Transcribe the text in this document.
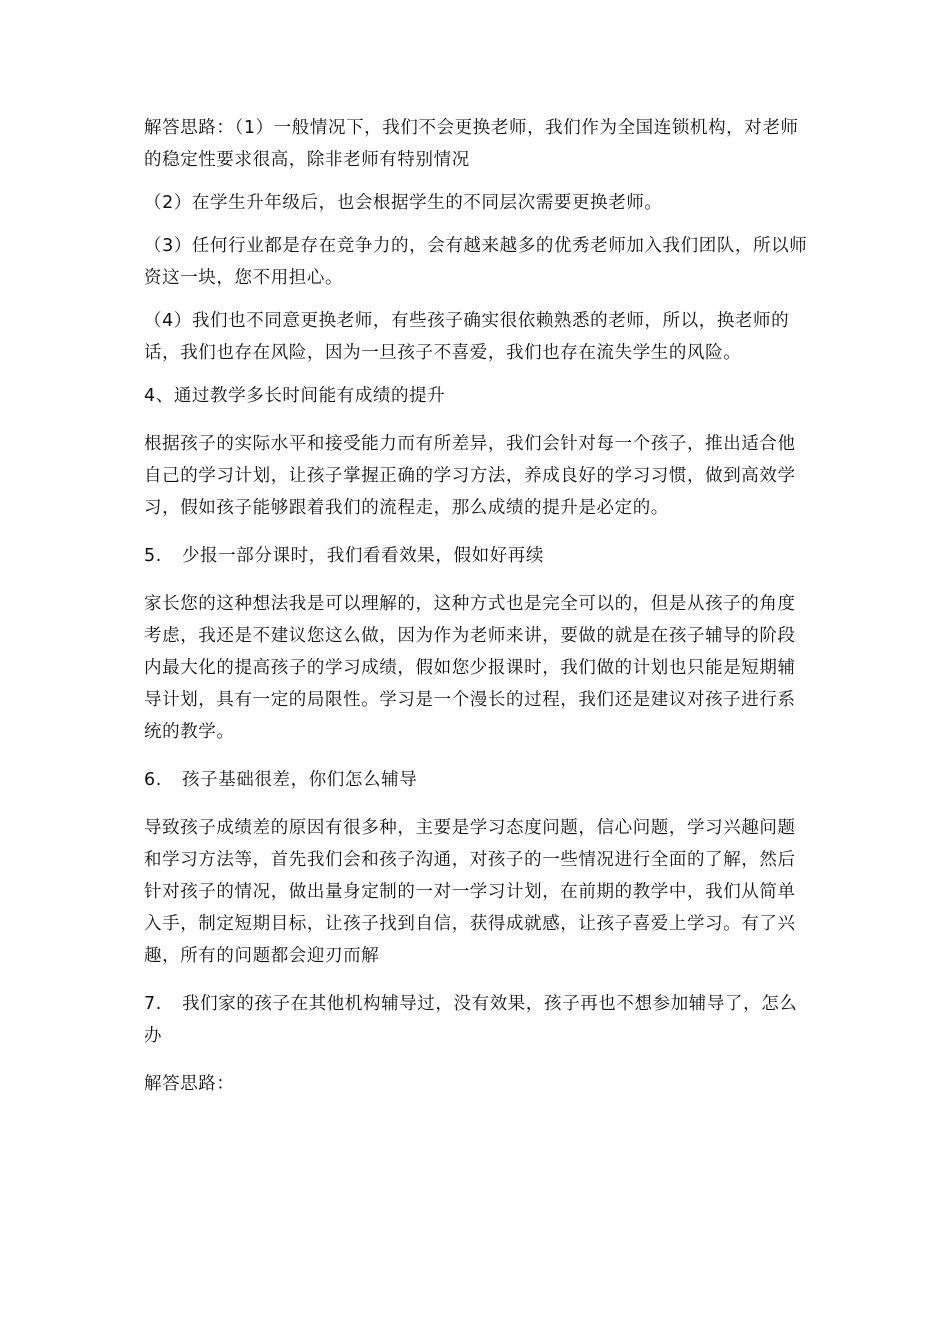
解答思路：（1）一般情况下，我们不会更换老师，我们作为全国连锁机构，对老师的稳定性要求很高，除非老师有特别情况

（2）在学生升年级后，也会根据学生的不同层次需要更换老师。

（3）任何行业都是存在竞争力的，会有越来越多的优秀老师加入我们团队，所以师资这一块，您不用担心。

（4）我们也不同意更换老师，有些孩子确实很依赖熟悉的老师，所以，换老师的话，我们也存在风险，因为一旦孩子不喜爱，我们也存在流失学生的风险。

4、通过教学多长时间能有成绩的提升

根据孩子的实际水平和接受能力而有所差异，我们会针对每一个孩子，推出适合他自己的学习计划，让孩子掌握正确的学习方法，养成良好的学习习惯，做到高效学习，假如孩子能够跟着我们的流程走，那么成绩的提升是必定的。

5. 少报一部分课时，我们看看效果，假如好再续

家长您的这种想法我是可以理解的，这种方式也是完全可以的，但是从孩子的角度考虑，我还是不建议您这么做，因为作为老师来讲，要做的就是在孩子辅导的阶段内最大化的提高孩子的学习成绩，假如您少报课时，我们做的计划也只能是短期辅导计划，具有一定的局限性。学习是一个漫长的过程，我们还是建议对孩子进行系统的教学。

6. 孩子基础很差，你们怎么辅导

导致孩子成绩差的原因有很多种，主要是学习态度问题，信心问题，学习兴趣问题和学习方法等，首先我们会和孩子沟通，对孩子的一些情况进行全面的了解，然后针对孩子的情况，做出量身定制的一对一学习计划，在前期的教学中，我们从简单入手，制定短期目标，让孩子找到自信，获得成就感，让孩子喜爱上学习。有了兴趣，所有的问题都会迎刃而解

7. 我们家的孩子在其他机构辅导过，没有效果，孩子再也不想参加辅导了，怎么办

解答思路：
